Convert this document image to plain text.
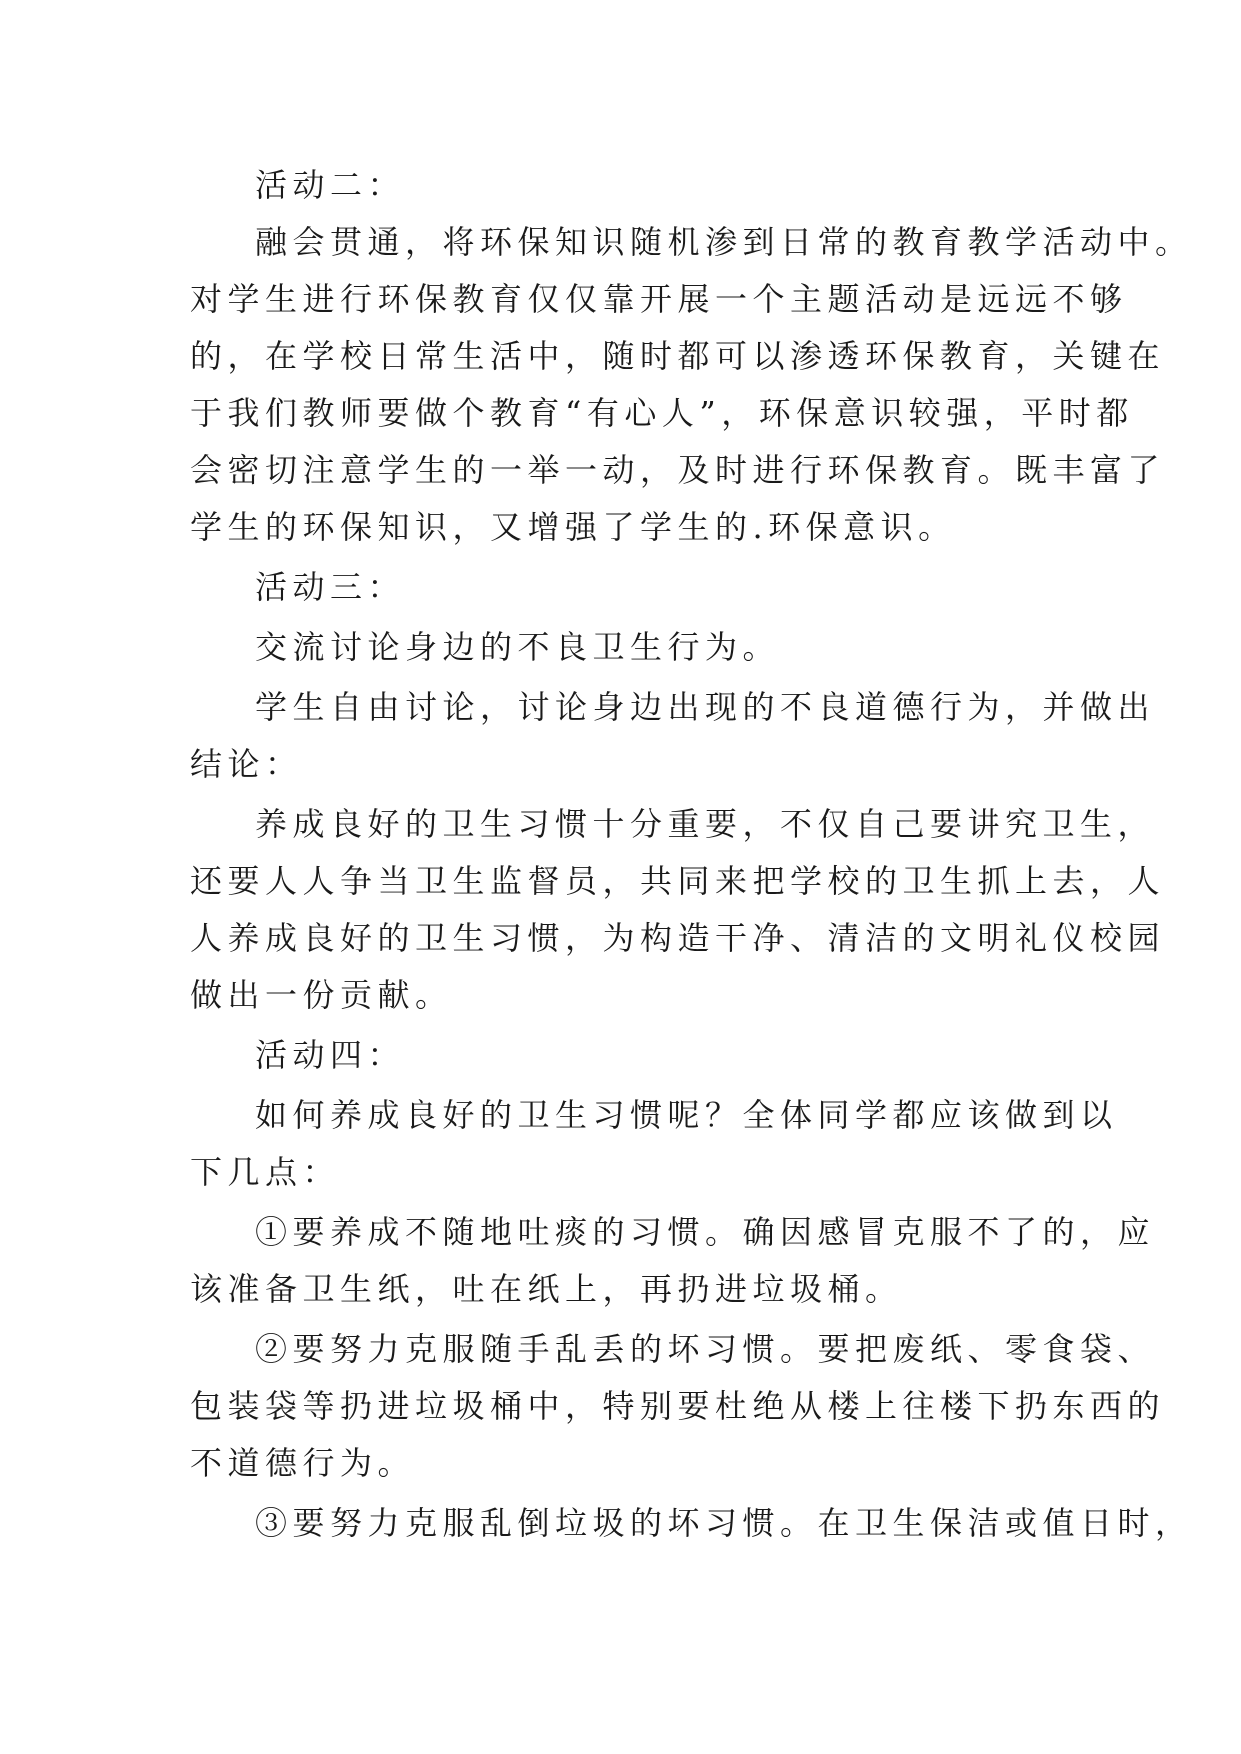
活动二：
融会贯通，将环保知识随机渗到日常的教育教学活动中。
对学生进行环保教育仅仅靠开展一个主题活动是远远不够
的，在学校日常生活中，随时都可以渗透环保教育，关键在
于我们教师要做个教育“有心人”，环保意识较强，平时都
会密切注意学生的一举一动，及时进行环保教育。既丰富了
学生的环保知识，又增强了学生的.环保意识。
活动三：
交流讨论身边的不良卫生行为。
学生自由讨论，讨论身边出现的不良道德行为，并做出
结论：
养成良好的卫生习惯十分重要，不仅自己要讲究卫生，
还要人人争当卫生监督员，共同来把学校的卫生抓上去，人
人养成良好的卫生习惯，为构造干净、清洁的文明礼仪校园
做出一份贡献。
活动四：
如何养成良好的卫生习惯呢？全体同学都应该做到以
下几点：
①要养成不随地吐痰的习惯。确因感冒克服不了的，应
该准备卫生纸，吐在纸上，再扔进垃圾桶。
②要努力克服随手乱丢的坏习惯。要把废纸、零食袋、
包装袋等扔进垃圾桶中，特别要杜绝从楼上往楼下扔东西的
不道德行为。
③要努力克服乱倒垃圾的坏习惯。在卫生保洁或值日时，
